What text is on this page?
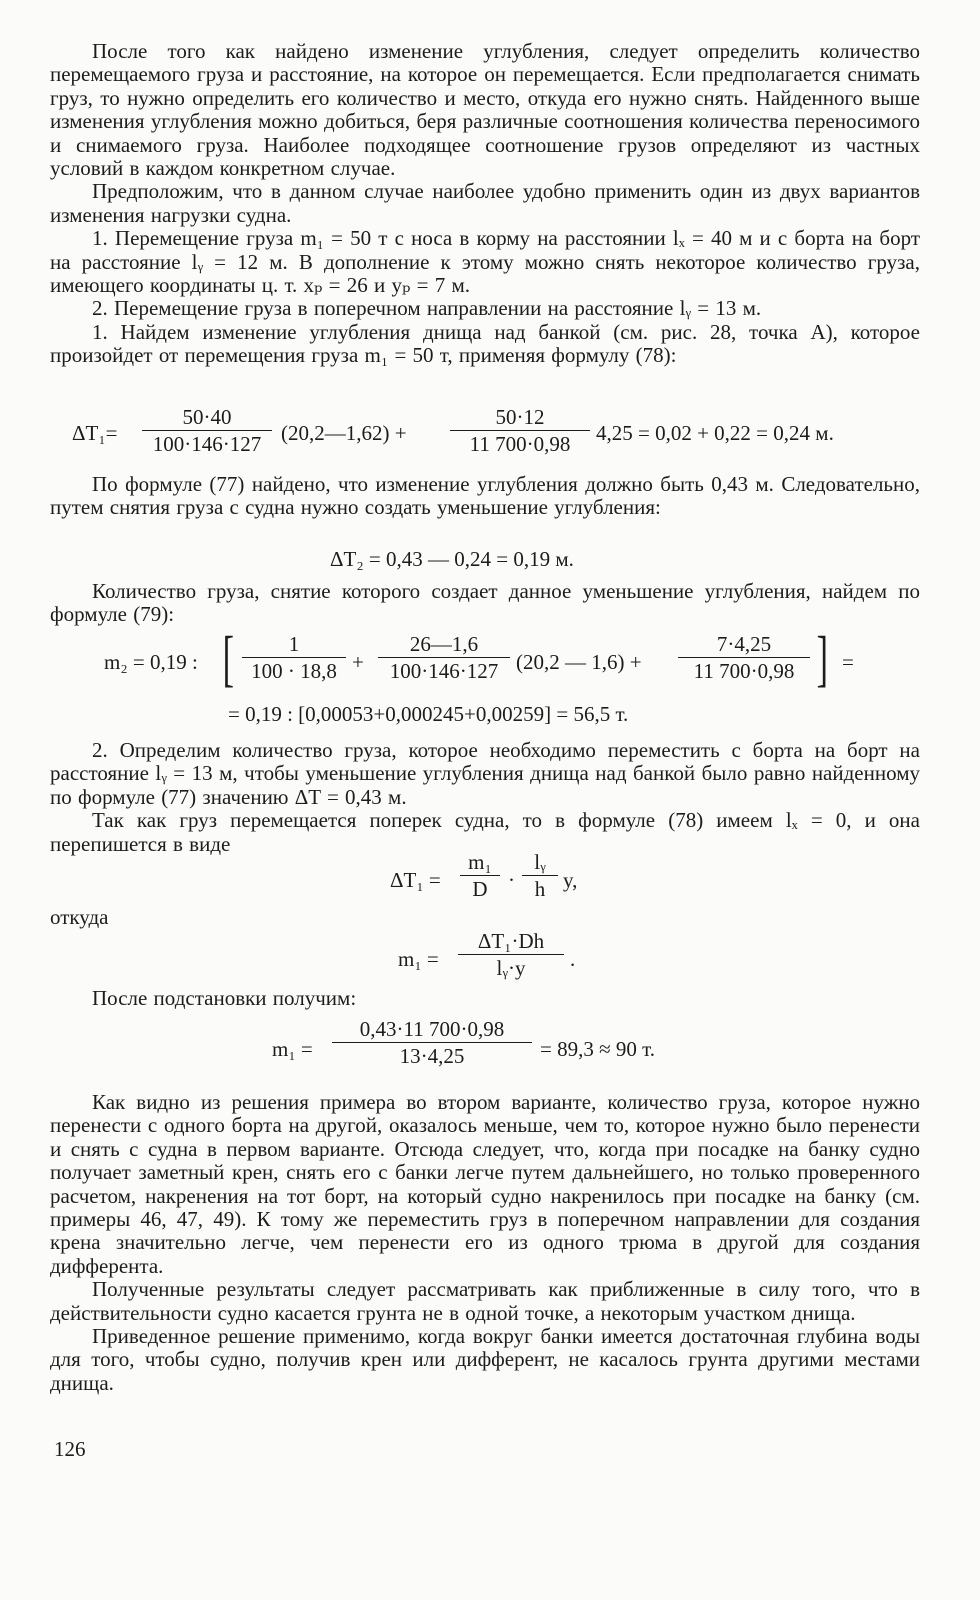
После того как найдено изменение углубления, следует определить количество перемещаемого груза и расстояние, на которое он перемещается. Если предполагается снимать груз, то нужно определить его количество и место, откуда его нужно снять. Найденного выше изменения углубления можно добиться, беря различные соотношения количества переносимого и снимаемого груза. Наиболее подходящее соотношение грузов определяют из частных условий в каждом конкретном случае.

Предположим, что в данном случае наиболее удобно применить один из двух вариантов изменения нагрузки судна.

1. Перемещение груза m₁ = 50 т с носа в корму на расстоянии lₓ = 40 м и с борта на борт на расстояние lᵧ = 12 м. В дополнение к этому можно снять некоторое количество груза, имеющего координаты ц. т. xₚ = 26 и yₚ = 7 м.

2. Перемещение груза в поперечном направлении на расстояние lᵧ = 13 м.

1. Найдем изменение углубления днища над банкой (см. рис. 28, точка А), которое произойдет от перемещения груза m₁ = 50 т, применяя формулу (78):

$\Delta T_1= \frac{50\cdot 40}{100\cdot 146\cdot 127}$ (20,2—1,62) + $\frac{50\cdot 12}{11 700\cdot 0,98} 4,25 = 0,02 + 0,22 = 0,24$ м.

По формуле (77) найдено, что изменение углубления должно быть 0,43 м. Следовательно, путем снятия груза с судна нужно создать уменьшение углубления:

ΔT₂ = 0,43 — 0,24 = 0,19 м.

Количество груза, снятие которого создает данное уменьшение углубления, найдем по формуле (79):

m₂ = 0,19 : [ $\frac{1}{100 \cdot 18,8} + \frac{26—1,6}{100\cdot 146\cdot 127} (20,2$ — $1,6) + \frac{7\cdot 4,25}{11 700\cdot 0,98}$ ] =
= 0,19 : [0,00053+0,000245+0,00259] = 56,5 т.

2. Определим количество груза, которое необходимо переместить с борта на борт на расстояние lᵧ = 13 м, чтобы уменьшение углубления днища над банкой было равно найденному по формуле (77) значению ΔT = 0,43 м.

Так как груз перемещается поперек судна, то в формуле (78) имеем lₓ = 0, и она перепишется в виде

$\Delta T_1 = \frac{\text{m₁}}{D} \cdot \frac{\text{lᵧ}}{h} y$,

откуда

$m_1 = \frac{\text{ΔT₁·Dh}}{\text{lᵧ·y}}$ .

После подстановки получим:

$m_1 = \frac{0,43\cdot 11 700\cdot 0,98}{13\cdot 4,25} = 89,3 \approx 90$ т.

Как видно из решения примера во втором варианте, количество груза, которое нужно перенести с одного борта на другой, оказалось меньше, чем то, которое нужно было перенести и снять с судна в первом варианте. Отсюда следует, что, когда при посадке на банку судно получает заметный крен, снять его с банки легче путем дальнейшего, но только проверенного расчетом, накренения на тот борт, на который судно накренилось при посадке на банку (см. примеры 46, 47, 49). К тому же переместить груз в поперечном направлении для создания крена значительно легче, чем перенести его из одного трюма в другой для создания дифферента.

Полученные результаты следует рассматривать как приближенные в силу того, что в действительности судно касается грунта не в одной точке, а некоторым участком днища.

Приведенное решение применимо, когда вокруг банки имеется достаточная глубина воды для того, чтобы судно, получив крен или дифферент, не касалось грунта другими местами днища.

126
